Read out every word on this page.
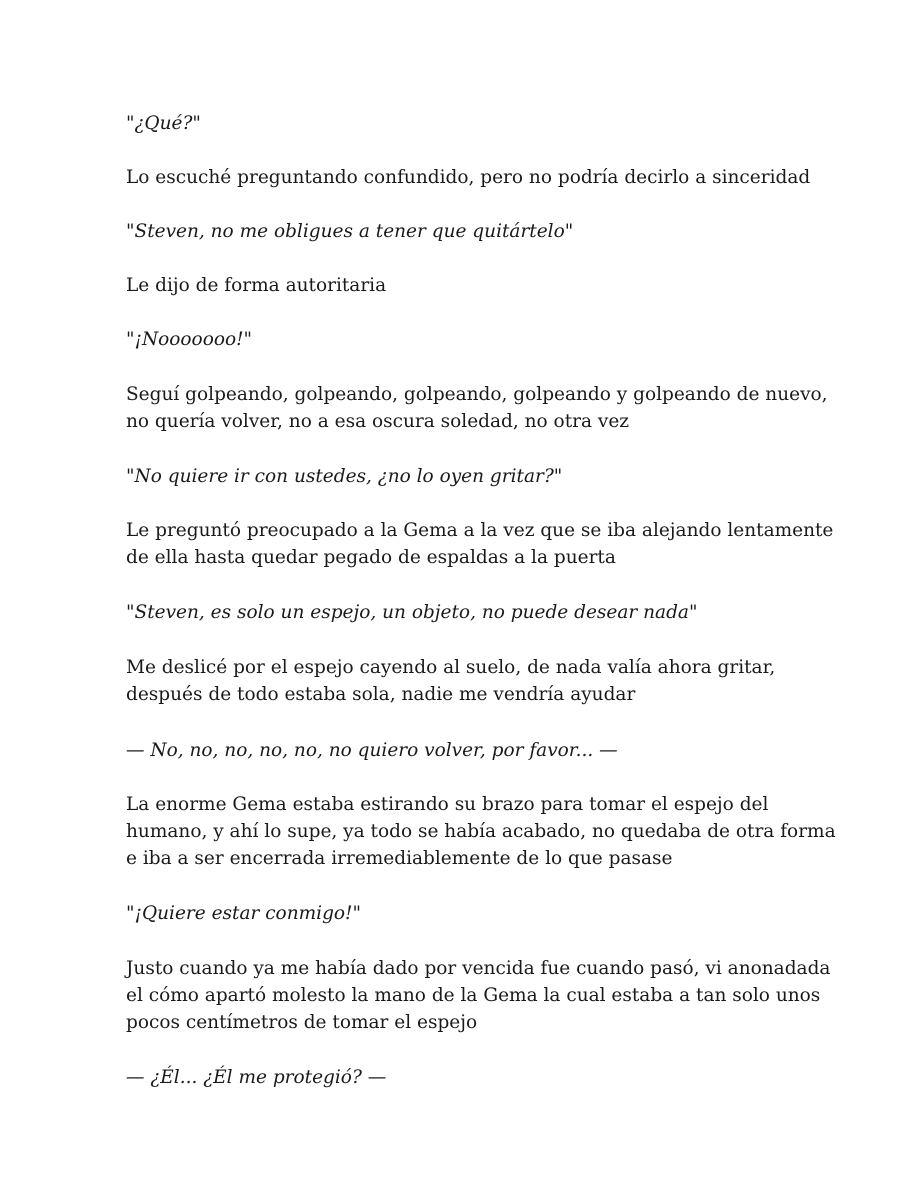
"¿Qué?"

Lo escuché preguntando confundido, pero no podría decirlo a sinceridad

"Steven, no me obligues a tener que quitártelo"

Le dijo de forma autoritaria

"¡Nooooooo!"

Seguí golpeando, golpeando, golpeando, golpeando y golpeando de nuevo,
no quería volver, no a esa oscura soledad, no otra vez

"No quiere ir con ustedes, ¿no lo oyen gritar?"

Le preguntó preocupado a la Gema a la vez que se iba alejando lentamente
de ella hasta quedar pegado de espaldas a la puerta

"Steven, es solo un espejo, un objeto, no puede desear nada"

Me deslicé por el espejo cayendo al suelo, de nada valía ahora gritar,
después de todo estaba sola, nadie me vendría ayudar

— No, no, no, no, no, no quiero volver, por favor... —

La enorme Gema estaba estirando su brazo para tomar el espejo del
humano, y ahí lo supe, ya todo se había acabado, no quedaba de otra forma
e iba a ser encerrada irremediablemente de lo que pasase

"¡Quiere estar conmigo!"

Justo cuando ya me había dado por vencida fue cuando pasó, vi anonadada
el cómo apartó molesto la mano de la Gema la cual estaba a tan solo unos
pocos centímetros de tomar el espejo

— ¿Él... ¿Él me protegió? —
